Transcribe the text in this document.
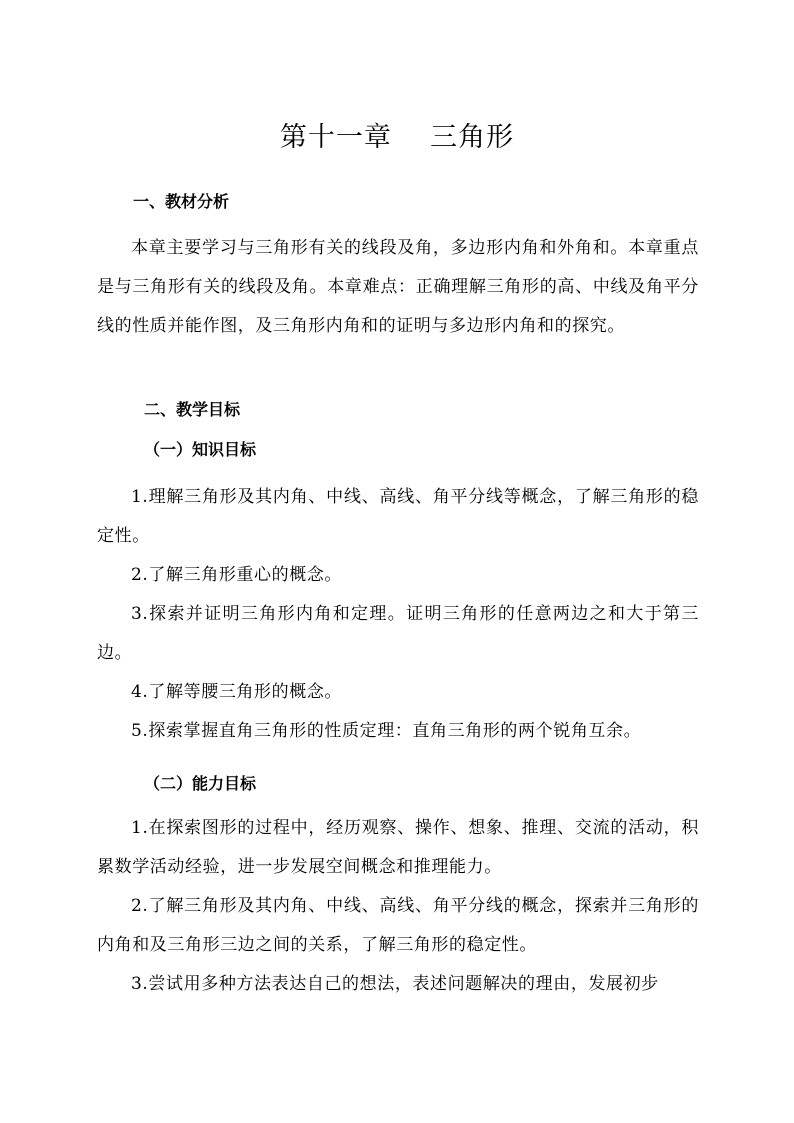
第十一章    三角形
一、教材分析
本章主要学习与三角形有关的线段及角，多边形内角和外角和。本章重点是与三角形有关的线段及角。本章难点：正确理解三角形的高、中线及角平分线的性质并能作图，及三角形内角和的证明与多边形内角和的探究。
二、教学目标
（一）知识目标
1.理解三角形及其内角、中线、高线、角平分线等概念，了解三角形的稳定性。
2.了解三角形重心的概念。
3.探索并证明三角形内角和定理。证明三角形的任意两边之和大于第三边。
4.了解等腰三角形的概念。
5.探索掌握直角三角形的性质定理：直角三角形的两个锐角互余。
（二）能力目标
1.在探索图形的过程中，经历观察、操作、想象、推理、交流的活动，积累数学活动经验，进一步发展空间概念和推理能力。
2.了解三角形及其内角、中线、高线、角平分线的概念，探索并三角形的内角和及三角形三边之间的关系，了解三角形的稳定性。
3.尝试用多种方法表达自己的想法，表述问题解决的理由，发展初步
